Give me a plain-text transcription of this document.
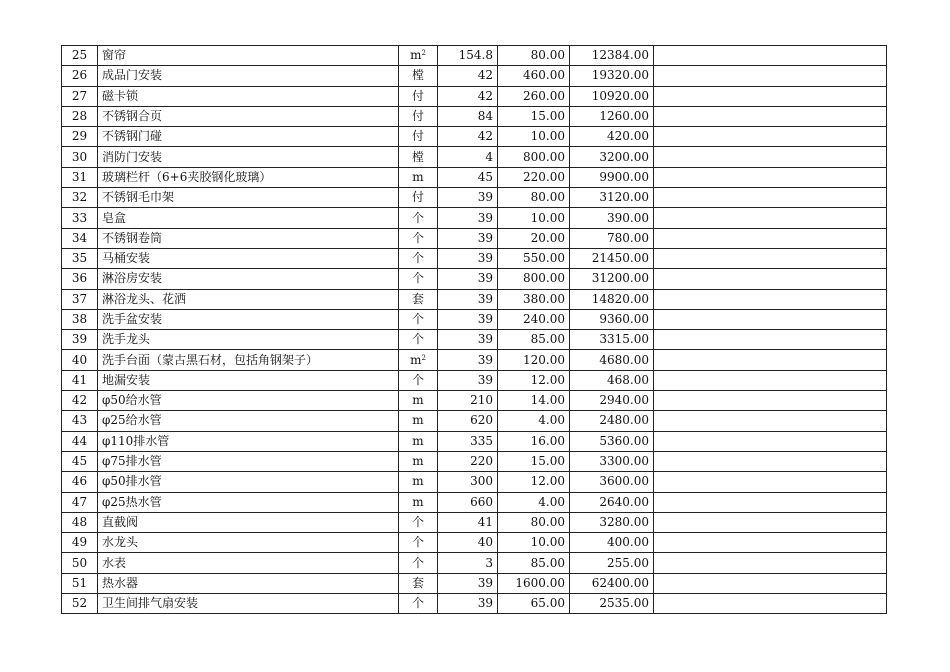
25	窗帘	$m^2$	154.8	80.00	12384.00	
26	成品门安装	樘	42	460.00	19320.00	
27	磁卡锁	付	42	260.00	10920.00	
28	不锈钢合页	付	84	15.00	1260.00	
29	不锈钢门碰	付	42	10.00	420.00	
30	消防门安装	樘	4	800.00	3200.00	
31	玻璃栏杆（6+6夹胶钢化玻璃）	m	45	220.00	9900.00	
32	不锈钢毛巾架	付	39	80.00	3120.00	
33	皂盒	个	39	10.00	390.00	
34	不锈钢卷筒	个	39	20.00	780.00	
35	马桶安装	个	39	550.00	21450.00	
36	淋浴房安装	个	39	800.00	31200.00	
37	淋浴龙头、花洒	套	39	380.00	14820.00	
38	洗手盆安装	个	39	240.00	9360.00	
39	洗手龙头	个	39	85.00	3315.00	
40	洗手台面（蒙古黑石材，包括角钢架子）	$m^2$	39	120.00	4680.00	
41	地漏安装	个	39	12.00	468.00	
42	φ50给水管	m	210	14.00	2940.00	
43	φ25给水管	m	620	4.00	2480.00	
44	φ110排水管	m	335	16.00	5360.00	
45	φ75排水管	m	220	15.00	3300.00	
46	φ50排水管	m	300	12.00	3600.00	
47	φ25热水管	m	660	4.00	2640.00	
48	直截阀	个	41	80.00	3280.00	
49	水龙头	个	40	10.00	400.00	
50	水表	个	3	85.00	255.00	
51	热水器	套	39	1600.00	62400.00	
52	卫生间排气扇安装	个	39	65.00	2535.00	
